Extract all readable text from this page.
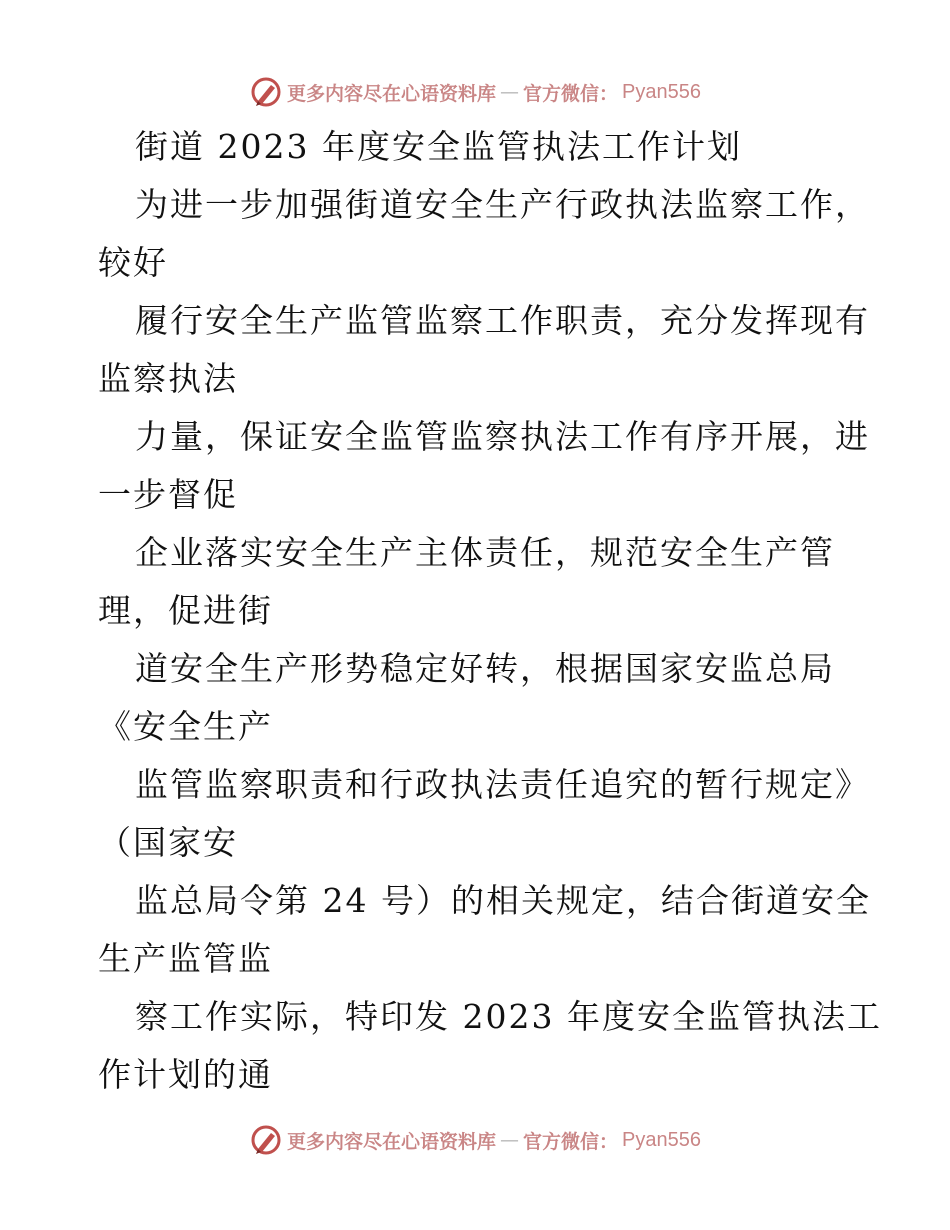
更多内容尽在心语资料库 — 官方微信： Pyan556
街道 2023 年度安全监管执法工作计划
为进一步加强街道安全生产行政执法监察工作，
较好
履行安全生产监管监察工作职责，充分发挥现有
监察执法
力量，保证安全监管监察执法工作有序开展，进
一步督促
企业落实安全生产主体责任，规范安全生产管
理，促进街
道安全生产形势稳定好转，根据国家安监总局
《安全生产
监管监察职责和行政执法责任追究的暂行规定》
（国家安
监总局令第 24 号）的相关规定，结合街道安全
生产监管监
察工作实际，特印发 2023 年度安全监管执法工
作计划的通
更多内容尽在心语资料库 — 官方微信： Pyan556
